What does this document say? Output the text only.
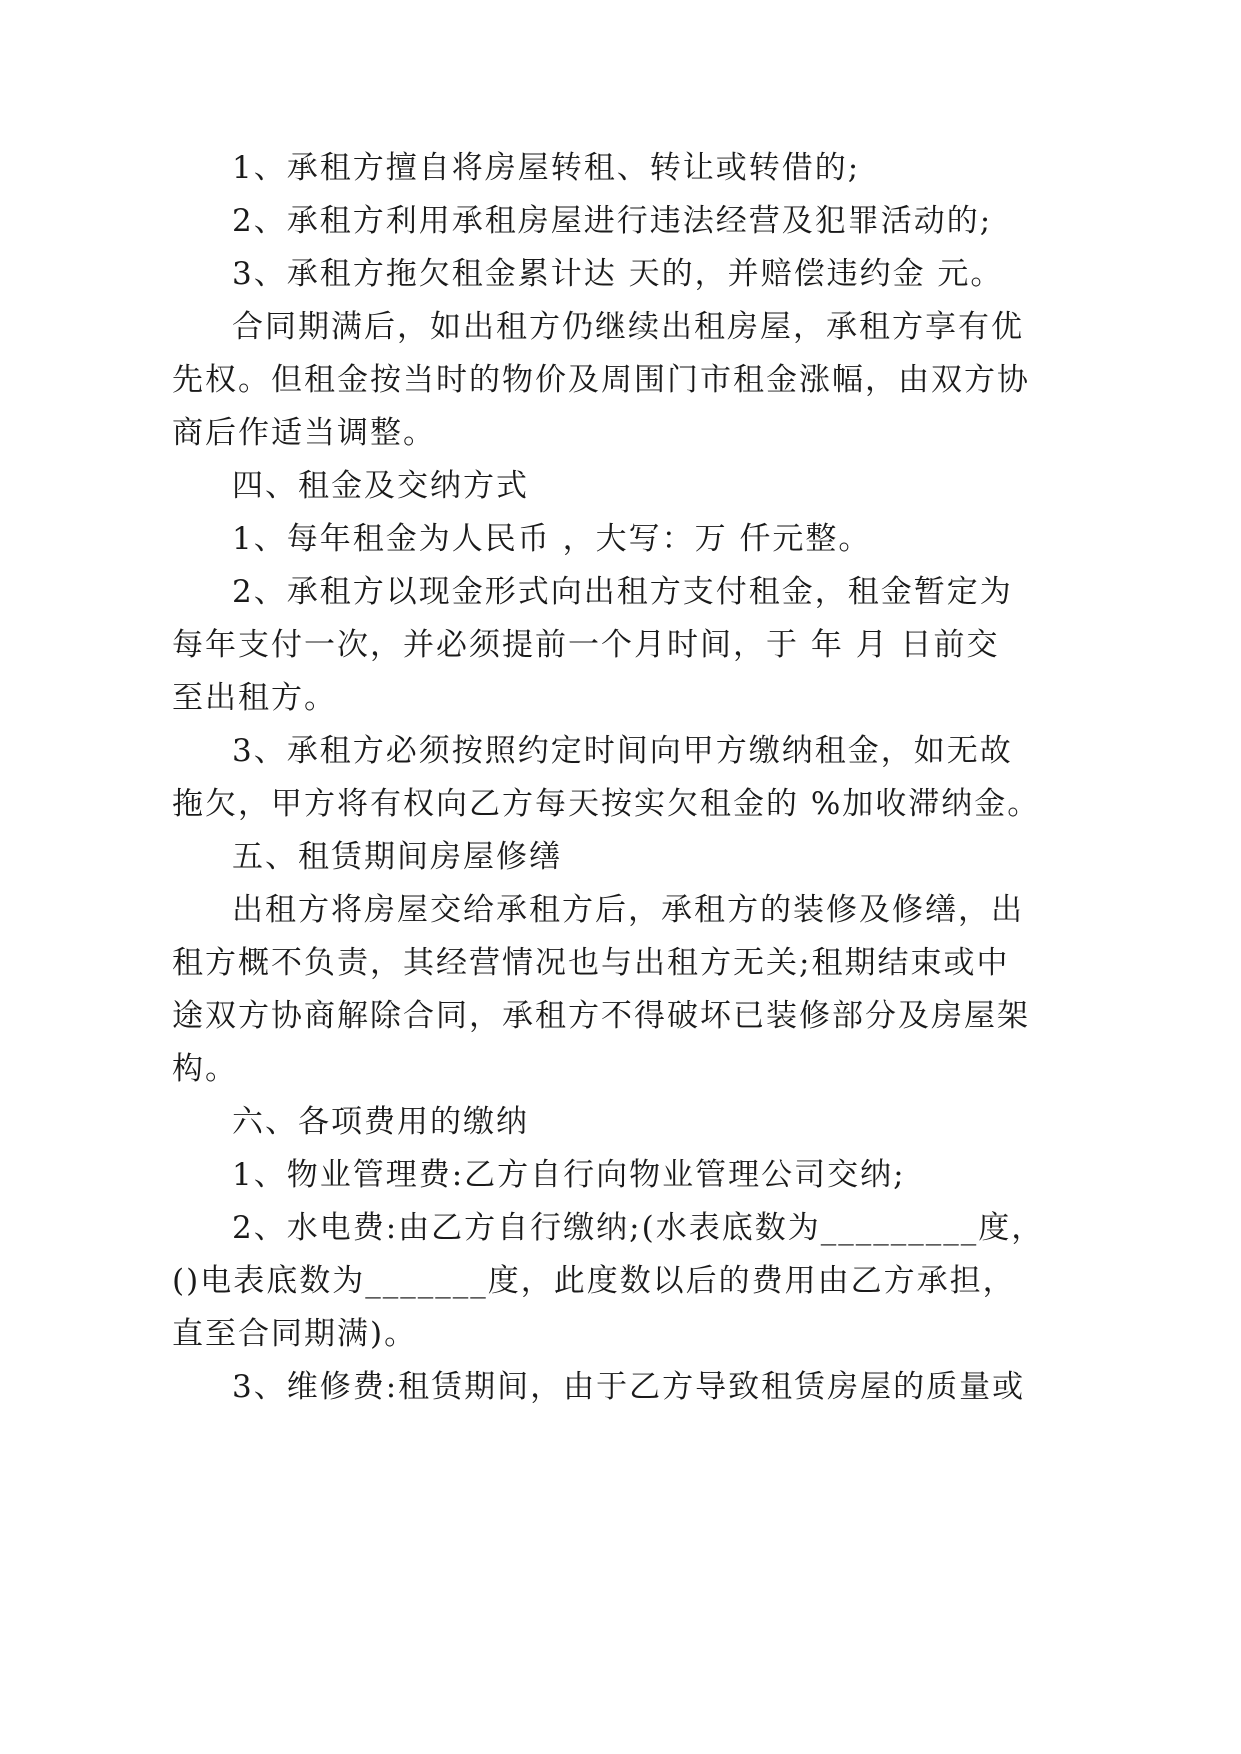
1、承租方擅自将房屋转租、转让或转借的;
2、承租方利用承租房屋进行违法经营及犯罪活动的;
3、承租方拖欠租金累计达 天的，并赔偿违约金 元。
合同期满后，如出租方仍继续出租房屋，承租方享有优
先权。但租金按当时的物价及周围门市租金涨幅，由双方协
商后作适当调整。
四、租金及交纳方式
1、每年租金为人民币 ，大写：万 仟元整。
2、承租方以现金形式向出租方支付租金，租金暂定为
每年支付一次，并必须提前一个月时间，于 年 月 日前交
至出租方。
3、承租方必须按照约定时间向甲方缴纳租金，如无故
拖欠，甲方将有权向乙方每天按实欠租金的 %加收滞纳金。
五、租赁期间房屋修缮
出租方将房屋交给承租方后，承租方的装修及修缮，出
租方概不负责，其经营情况也与出租方无关;租期结束或中
途双方协商解除合同，承租方不得破坏已装修部分及房屋架
构。
六、各项费用的缴纳
1、物业管理费:乙方自行向物业管理公司交纳;
2、水电费:由乙方自行缴纳;(水表底数为_________度，
()电表底数为_______度，此度数以后的费用由乙方承担，
直至合同期满)。
3、维修费:租赁期间，由于乙方导致租赁房屋的质量或
